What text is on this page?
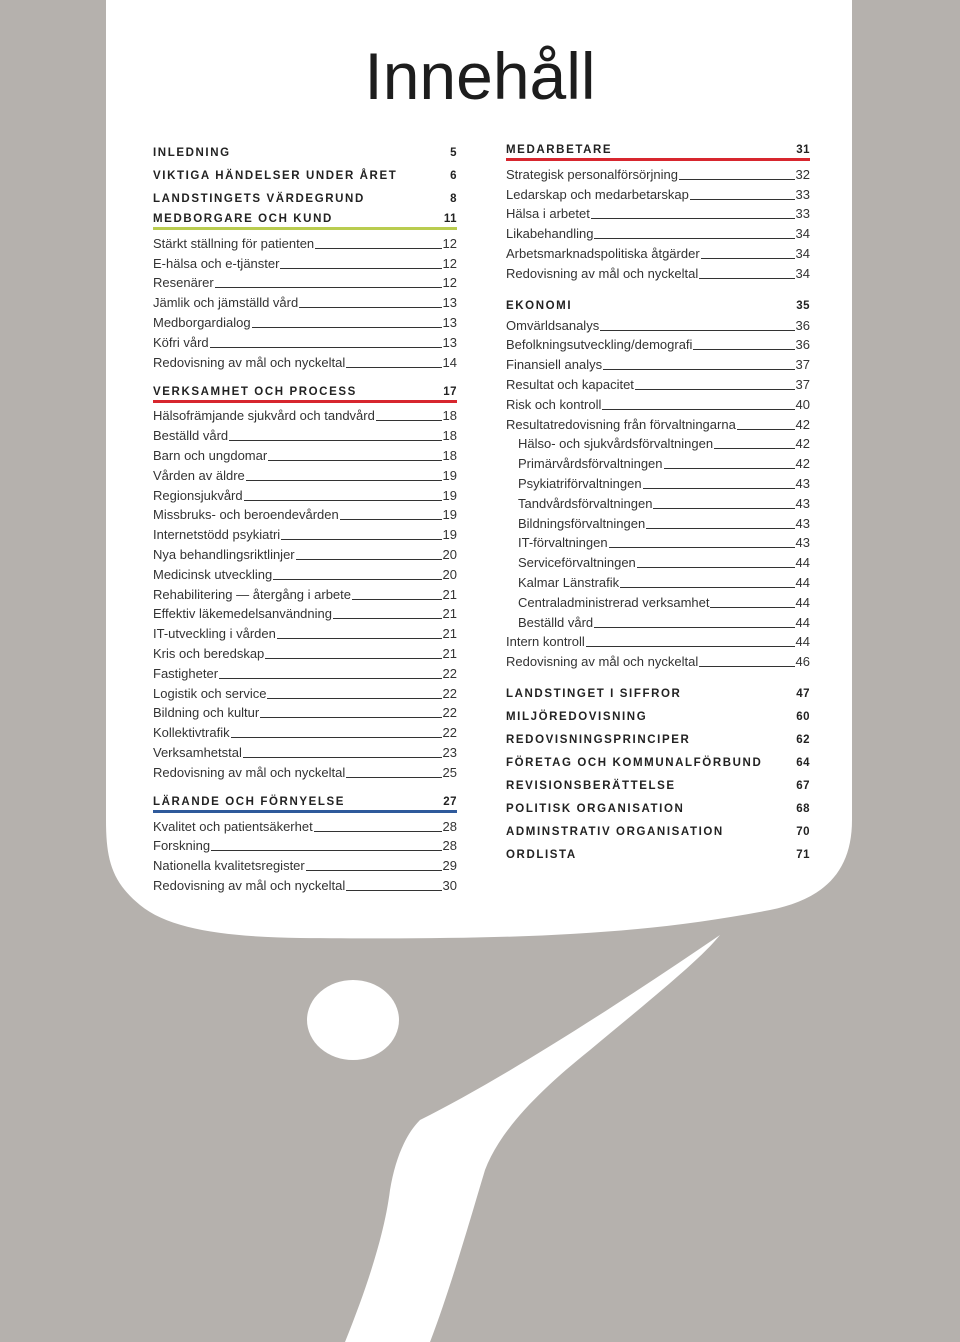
Innehåll
INLEDNING	5
VIKTIGA HÄNDELSER UNDER ÅRET	6
LANDSTINGETS VÄRDEGRUND	8
MEDBORGARE OCH KUND	11
Stärkt ställning för patienten	12
E-hälsa och e-tjänster	12
Resenärer	12
Jämlik och jämställd vård	13
Medborgardialog	13
Köfri vård	13
Redovisning av mål och nyckeltal	14
VERKSAMHET OCH PROCESS	17
Hälsofrämjande sjukvård och tandvård	18
Beställd vård	18
Barn och ungdomar	18
Vården av äldre	19
Regionsjukvård	19
Missbruks- och beroendevården	19
Internetstödd psykiatri	19
Nya behandlingsriktlinjer	20
Medicinsk utveckling	20
Rehabilitering — återgång i arbete	21
Effektiv läkemedelsanvändning	21
IT-utveckling i vården	21
Kris och beredskap	21
Fastigheter	22
Logistik och service	22
Bildning och kultur	22
Kollektivtrafik	22
Verksamhetstal	23
Redovisning av mål och nyckeltal	25
LÄRANDE OCH FÖRNYELSE	27
Kvalitet och patientsäkerhet	28
Forskning	28
Nationella kvalitetsregister	29
Redovisning av mål och nyckeltal	30
MEDARBETARE	31
Strategisk personalförsörjning	32
Ledarskap och medarbetarskap	33
Hälsa i arbetet	33
Likabehandling	34
Arbetsmarknadspolitiska åtgärder	34
Redovisning av mål och nyckeltal	34
EKONOMI	35
Omvärldsanalys	36
Befolkningsutveckling/demografi	36
Finansiell analys	37
Resultat och kapacitet	37
Risk och kontroll	40
Resultatredovisning från förvaltningarna	42
Hälso- och sjukvårdsförvaltningen	42
Primärvårdsförvaltningen	42
Psykiatriförvaltningen	43
Tandvårdsförvaltningen	43
Bildningsförvaltningen	43
IT-förvaltningen	43
Serviceförvaltningen	44
Kalmar Länstrafik	44
Centraladministrerad verksamhet	44
Beställd vård	44
Intern kontroll	44
Redovisning av mål och nyckeltal	46
LANDSTINGET I SIFFROR	47
MILJÖREDOVISNING	60
REDOVISNINGSPRINCIPER	62
FÖRETAG OCH KOMMUNALFÖRBUND	64
REVISIONSBERÄTTELSE	67
POLITISK ORGANISATION	68
ADMINSTRATIV ORGANISATION	70
ORDLISTA	71
